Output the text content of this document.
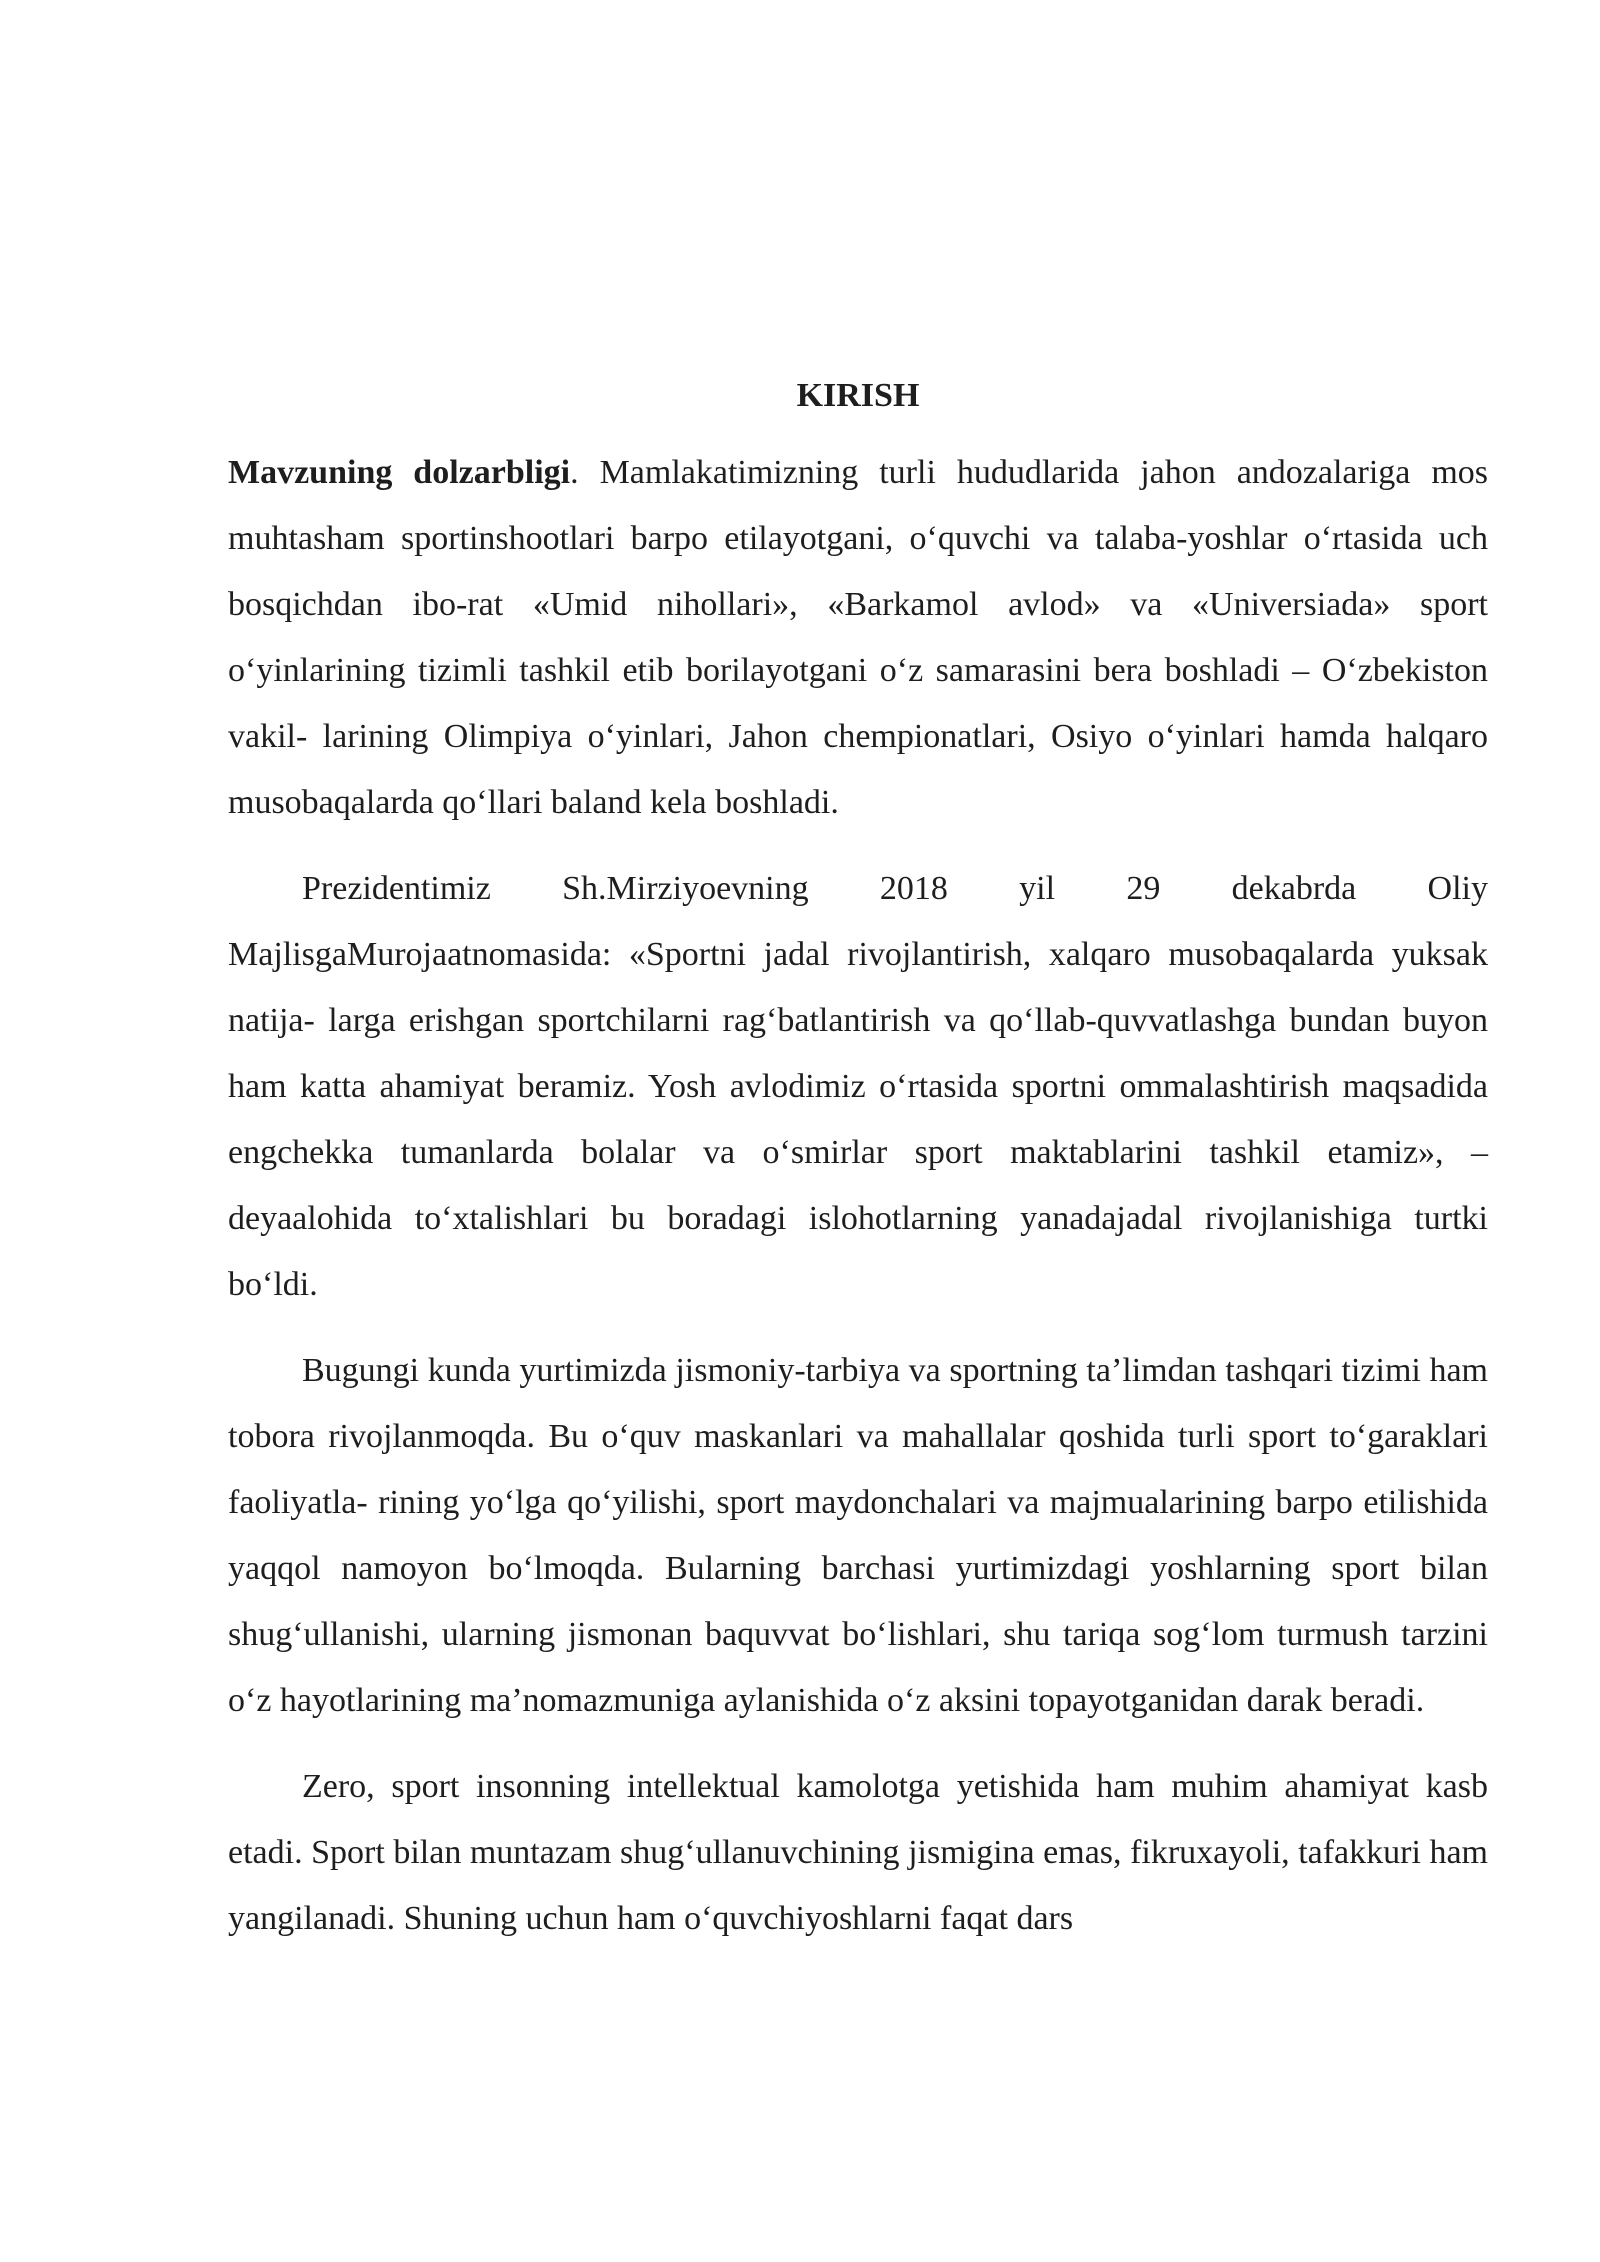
KIRISH

Mavzuning dolzarbligi. Mamlakatimizning turli hududlarida jahon andozalariga mos muhtasham sportinshootlari barpo etilayotgani, o‘quvchi va talaba-yoshlar o‘rtasida uch bosqichdan ibo-rat «Umid nihollari», «Barkamol avlod» va «Universiada» sport o‘yinlarining tizimli tashkil etib borilayotgani o‘z samarasini bera boshladi – O‘zbekiston vakil- larining Olimpiya o‘yinlari, Jahon chempionatlari, Osiyo o‘yinlari hamda halqaro musobaqalarda qo‘llari baland kela boshladi.

Prezidentimiz Sh.Mirziyoevning 2018 yil 29 dekabrda Oliy MajlisgaMurojaatnomasida: «Sportni jadal rivojlantirish, xalqaro musobaqalarda yuksak natija- larga erishgan sportchilarni rag‘batlantirish va qo‘llab-quvvatlashga bundan buyon ham katta ahamiyat beramiz. Yosh avlodimiz o‘rtasida sportni ommalashtirish maqsadida engchekka tumanlarda bolalar va o‘smirlar sport maktablarini tashkil etamiz», – deyaalohida to‘xtalishlari bu boradagi islohotlarning yanadajadal rivojlanishiga turtki bo‘ldi.

Bugungi kunda yurtimizda jismoniy-tarbiya va sportning ta’limdan tashqari tizimi ham tobora rivojlanmoqda. Bu o‘quv maskanlari va mahallalar qoshida turli sport to‘garaklari faoliyatla- rining yo‘lga qo‘yilishi, sport maydonchalari va majmualarining barpo etilishida yaqqol namoyon bo‘lmoqda. Bularning barchasi yurtimizdagi yoshlarning sport bilan shug‘ullanishi, ularning jismonan baquvvat bo‘lishlari, shu tariqa sog‘lom turmush tarzini o‘z hayotlarining ma’nomazmuniga aylanishida o‘z aksini topayotganidan darak beradi.

Zero, sport insonning intellektual kamolotga yetishida ham muhim ahamiyat kasb etadi. Sport bilan muntazam shug‘ullanuvchining jismigina emas, fikruxayoli, tafakkuri ham yangilanadi. Shuning uchun ham o‘quvchiyoshlarni faqat dars
